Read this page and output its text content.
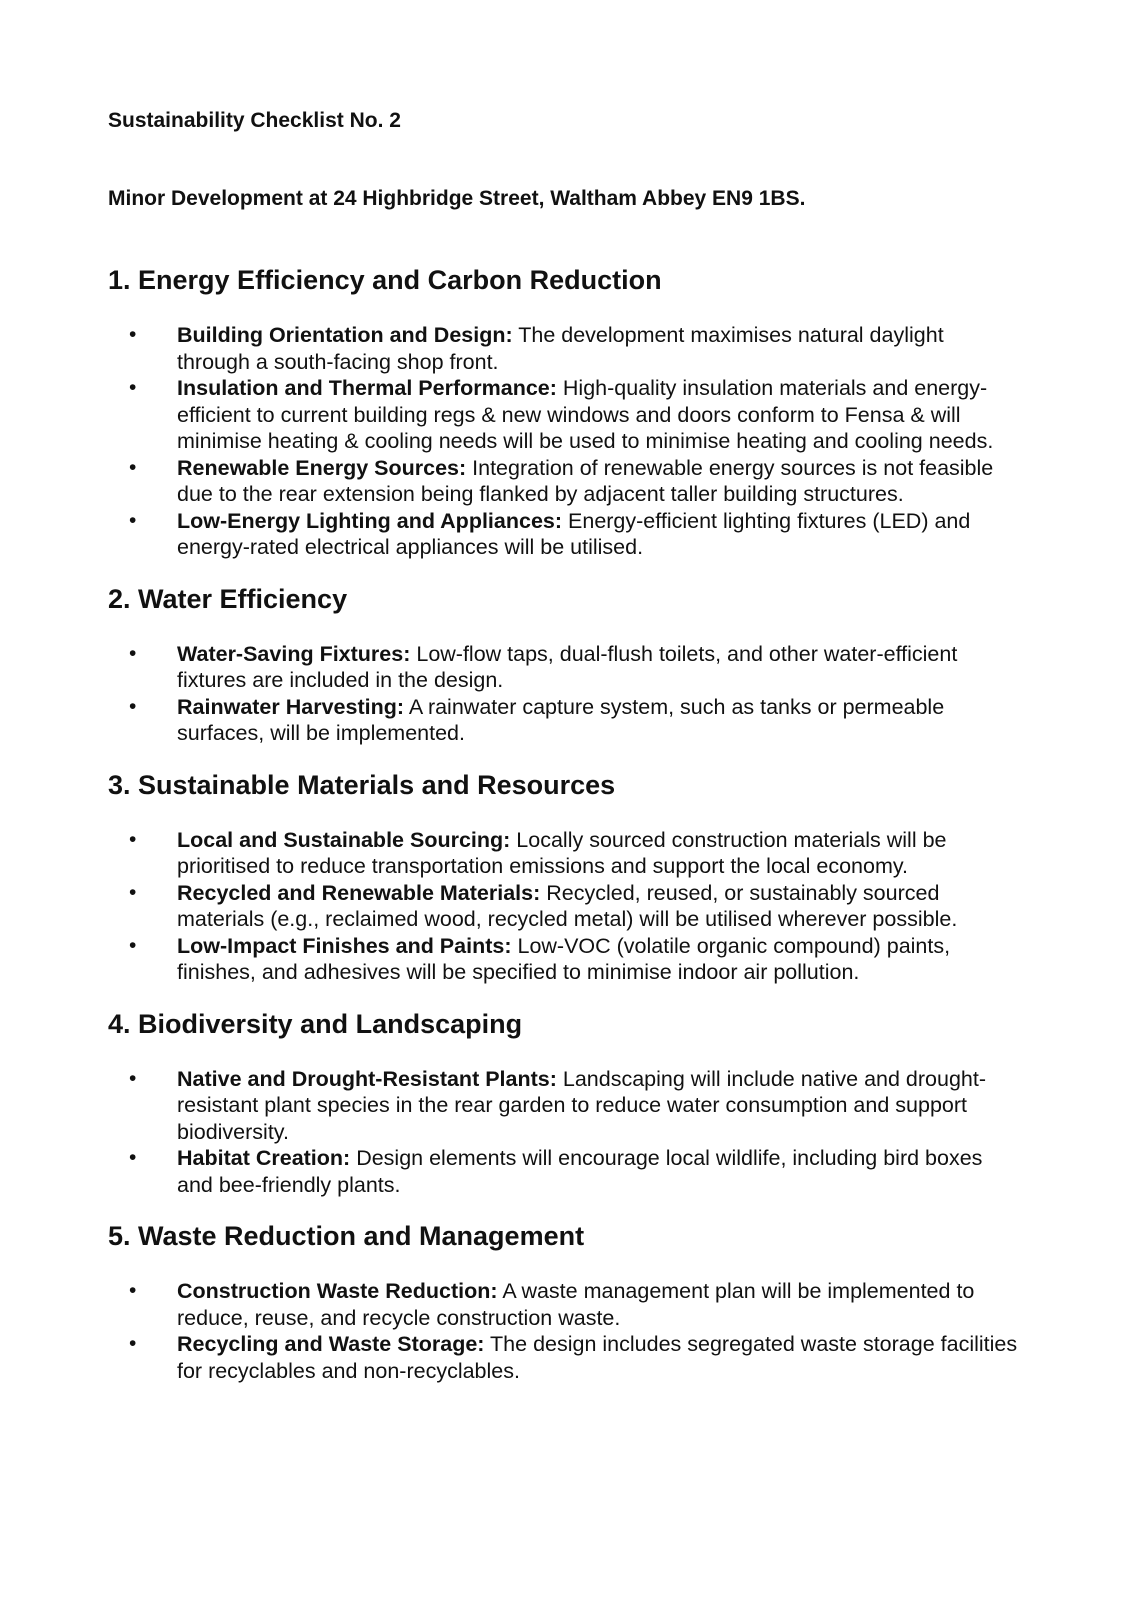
Sustainability Checklist No. 2

Minor Development at 24 Highbridge Street, Waltham Abbey EN9 1BS.

1. Energy Efficiency and Carbon Reduction
• Building Orientation and Design: The development maximises natural daylight through a south-facing shop front.
• Insulation and Thermal Performance: High-quality insulation materials and energy-efficient to current building regs & new windows and doors conform to Fensa & will minimise heating & cooling needs will be used to minimise heating and cooling needs.
• Renewable Energy Sources: Integration of renewable energy sources is not feasible due to the rear extension being flanked by adjacent taller building structures.
• Low-Energy Lighting and Appliances: Energy-efficient lighting fixtures (LED) and energy-rated electrical appliances will be utilised.
2. Water Efficiency
• Water-Saving Fixtures: Low-flow taps, dual-flush toilets, and other water-efficient fixtures are included in the design.
• Rainwater Harvesting: A rainwater capture system, such as tanks or permeable surfaces, will be implemented.
3. Sustainable Materials and Resources
• Local and Sustainable Sourcing: Locally sourced construction materials will be prioritised to reduce transportation emissions and support the local economy.
• Recycled and Renewable Materials: Recycled, reused, or sustainably sourced materials (e.g., reclaimed wood, recycled metal) will be utilised wherever possible.
• Low-Impact Finishes and Paints: Low-VOC (volatile organic compound) paints, finishes, and adhesives will be specified to minimise indoor air pollution.
4. Biodiversity and Landscaping
• Native and Drought-Resistant Plants: Landscaping will include native and drought-resistant plant species in the rear garden to reduce water consumption and support biodiversity.
• Habitat Creation: Design elements will encourage local wildlife, including bird boxes and bee-friendly plants.
5. Waste Reduction and Management
• Construction Waste Reduction: A waste management plan will be implemented to reduce, reuse, and recycle construction waste.
• Recycling and Waste Storage: The design includes segregated waste storage facilities for recyclables and non-recyclables.
